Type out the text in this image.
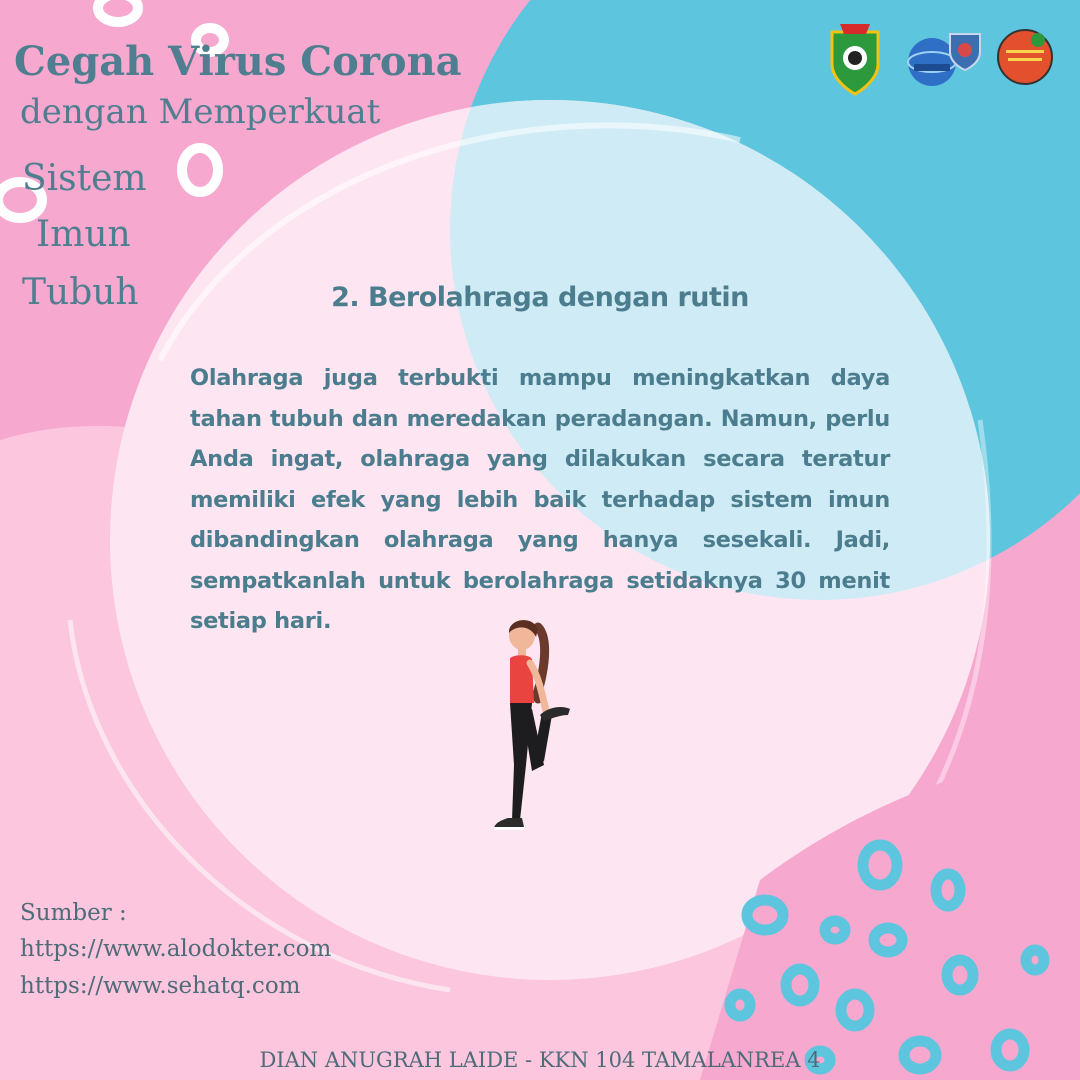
Cegah Virus Corona
dengan Memperkuat
Sistem
Imun
Tubuh	2. Berolahraga dengan rutin

Olahraga juga terbukti mampu meningkatkan daya tahan tubuh dan meredakan peradangan. Namun, perlu Anda ingat, olahraga yang dilakukan secara teratur memiliki efek yang lebih baik terhadap sistem imun dibandingkan olahraga yang hanya sesekali. Jadi, sempatkanlah untuk berolahraga setidaknya 30 menit setiap hari.

Sumber :
https://www.alodokter.com
https://www.sehatq.com
DIAN ANUGRAH LAIDE - KKN 104 TAMALANREA 4
